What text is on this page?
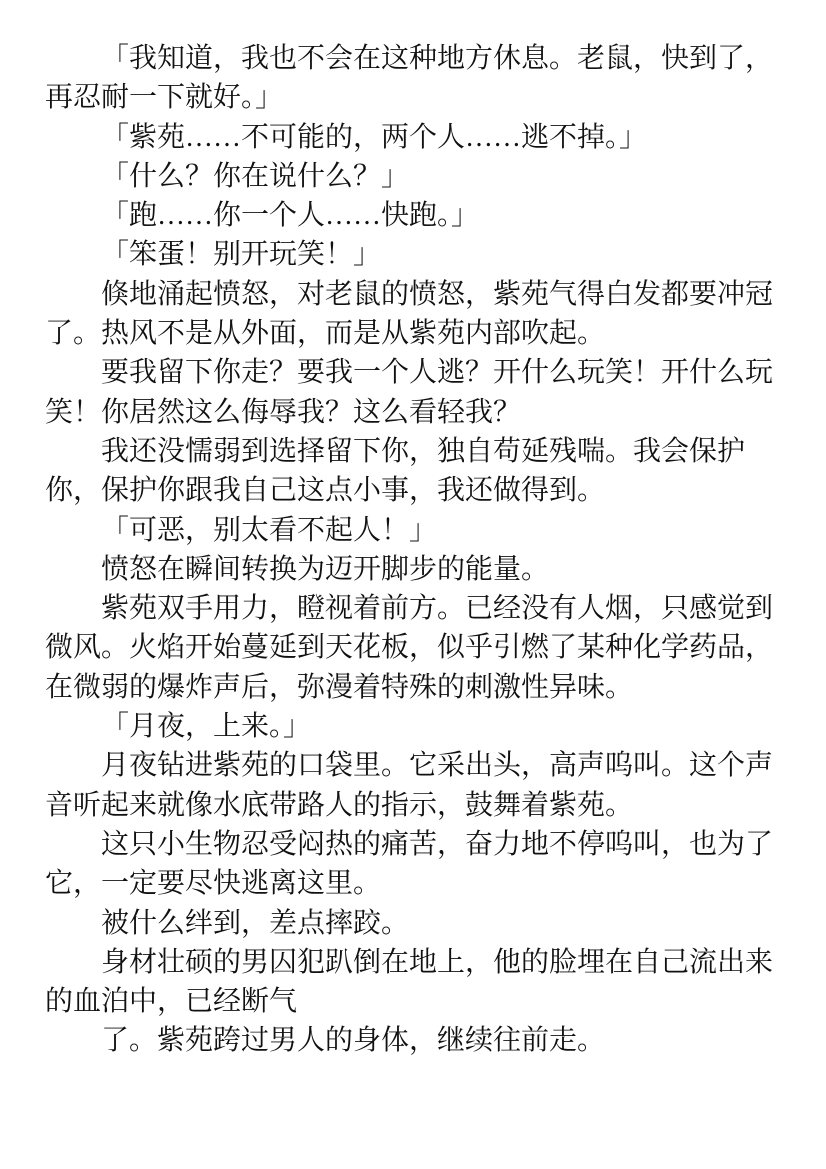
「我知道，我也不会在这种地方休息。老鼠，快到了，再忍耐一下就好。」

「紫苑……不可能的，两个人……逃不掉。」

「什么？你在说什么？」

「跑……你一个人……快跑。」

「笨蛋！别开玩笑！」

倏地涌起愤怒，对老鼠的愤怒，紫苑气得白发都要冲冠了。热风不是从外面，而是从紫苑内部吹起。

要我留下你走？要我一个人逃？开什么玩笑！开什么玩笑！你居然这么侮辱我？这么看轻我？

我还没懦弱到选择留下你，独自苟延残喘。我会保护你，保护你跟我自己这点小事，我还做得到。

「可恶，别太看不起人！」

愤怒在瞬间转换为迈开脚步的能量。

紫苑双手用力，瞪视着前方。已经没有人烟，只感觉到微风。火焰开始蔓延到天花板，似乎引燃了某种化学药品，在微弱的爆炸声后，弥漫着特殊的刺激性异味。

「月夜，上来。」

月夜钻进紫苑的口袋里。它采出头，高声呜叫。这个声音听起来就像水底带路人的指示，鼓舞着紫苑。

这只小生物忍受闷热的痛苦，奋力地不停呜叫，也为了它，一定要尽快逃离这里。

被什么绊到，差点摔跤。

身材壮硕的男囚犯趴倒在地上，他的脸埋在自己流出来的血泊中，已经断气

了。紫苑跨过男人的身体，继续往前走。
